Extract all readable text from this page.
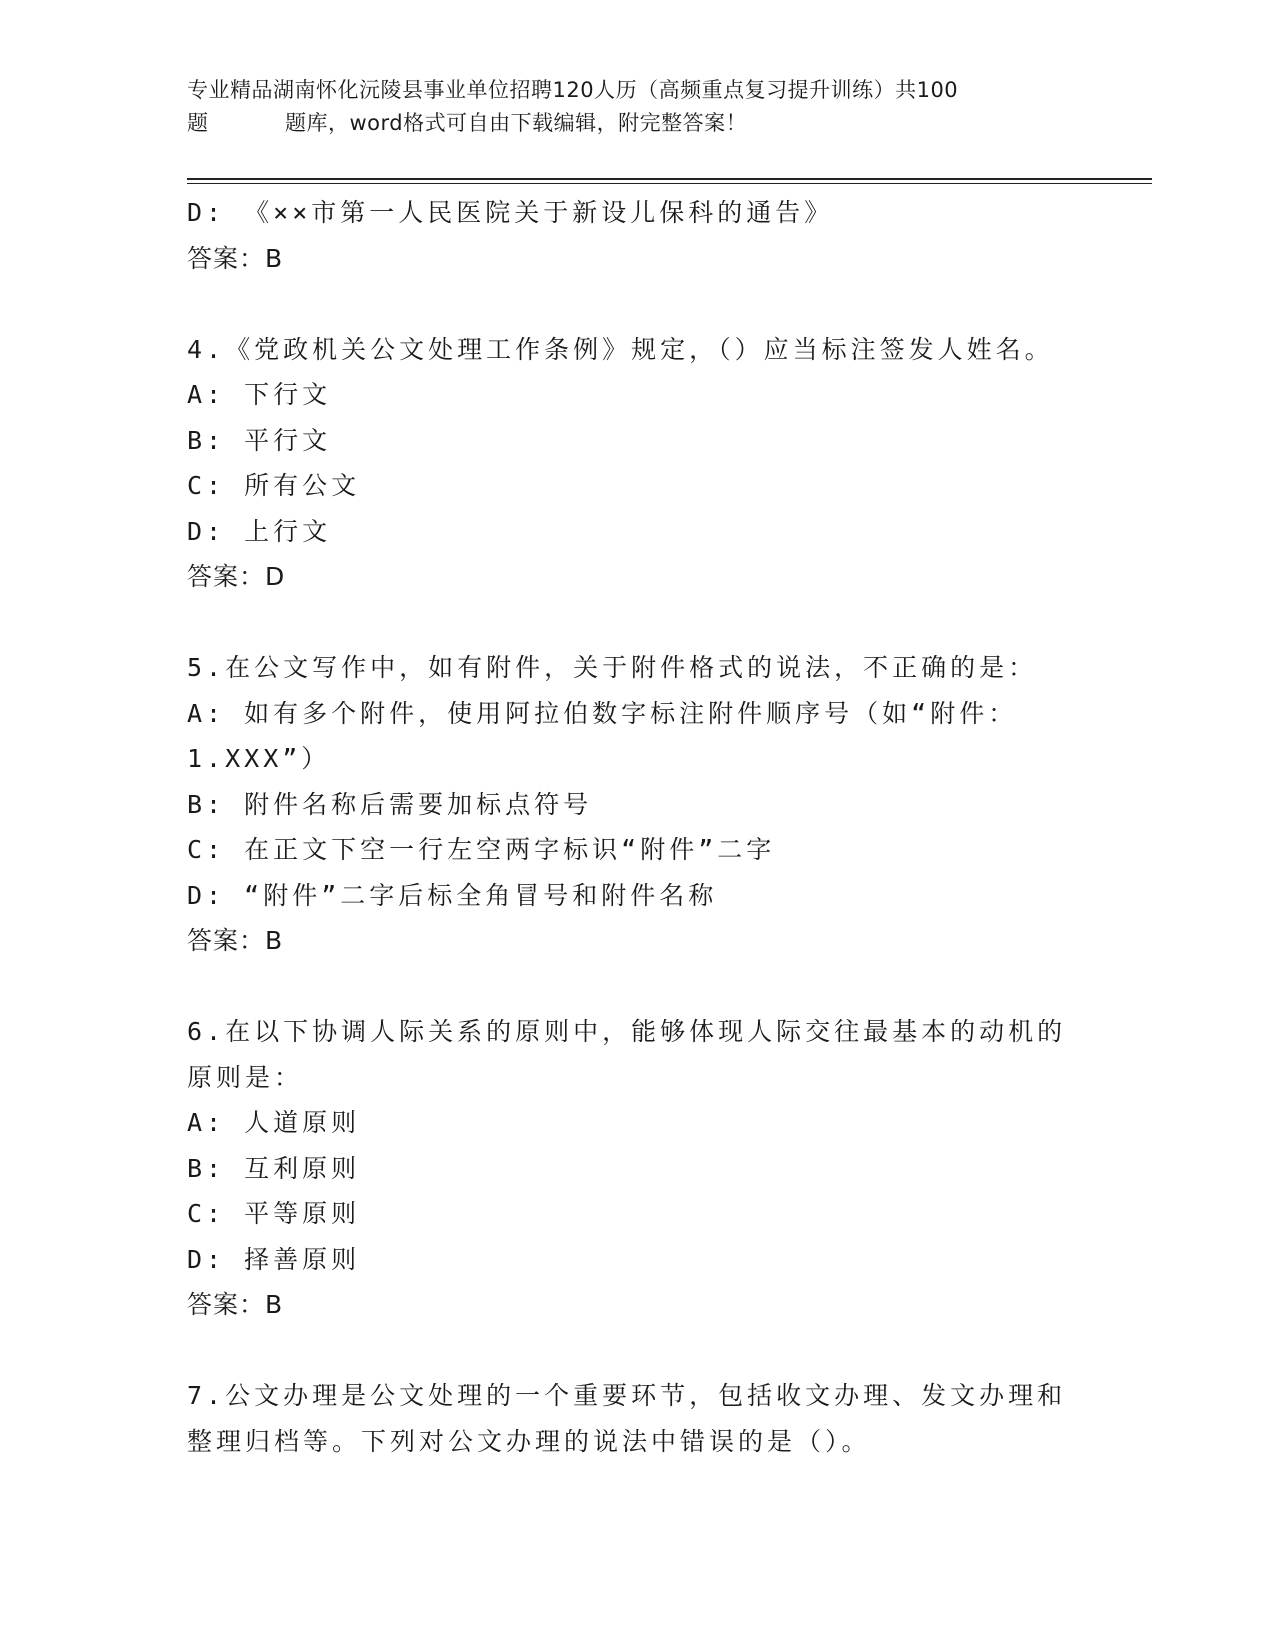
专业精品湖南怀化沅陵县事业单位招聘120人历（高频重点复习提升训练）共100
题	题库，word格式可自由下载编辑，附完整答案！
D: 《××市第一人民医院关于新设儿保科的通告》
答案：B
4.《党政机关公文处理工作条例》规定，（）应当标注签发人姓名。
A: 下行文
B: 平行文
C: 所有公文
D: 上行文
答案：D
5.在公文写作中，如有附件，关于附件格式的说法，不正确的是：
A: 如有多个附件，使用阿拉伯数字标注附件顺序号（如“附件：
1.XXX”）
B: 附件名称后需要加标点符号
C: 在正文下空一行左空两字标识“附件”二字
D: “附件”二字后标全角冒号和附件名称
答案：B
6.在以下协调人际关系的原则中，能够体现人际交往最基本的动机的
原则是：
A: 人道原则
B: 互利原则
C: 平等原则
D: 择善原则
答案：B
7.公文办理是公文处理的一个重要环节，包括收文办理、发文办理和
整理归档等。下列对公文办理的说法中错误的是（）。
